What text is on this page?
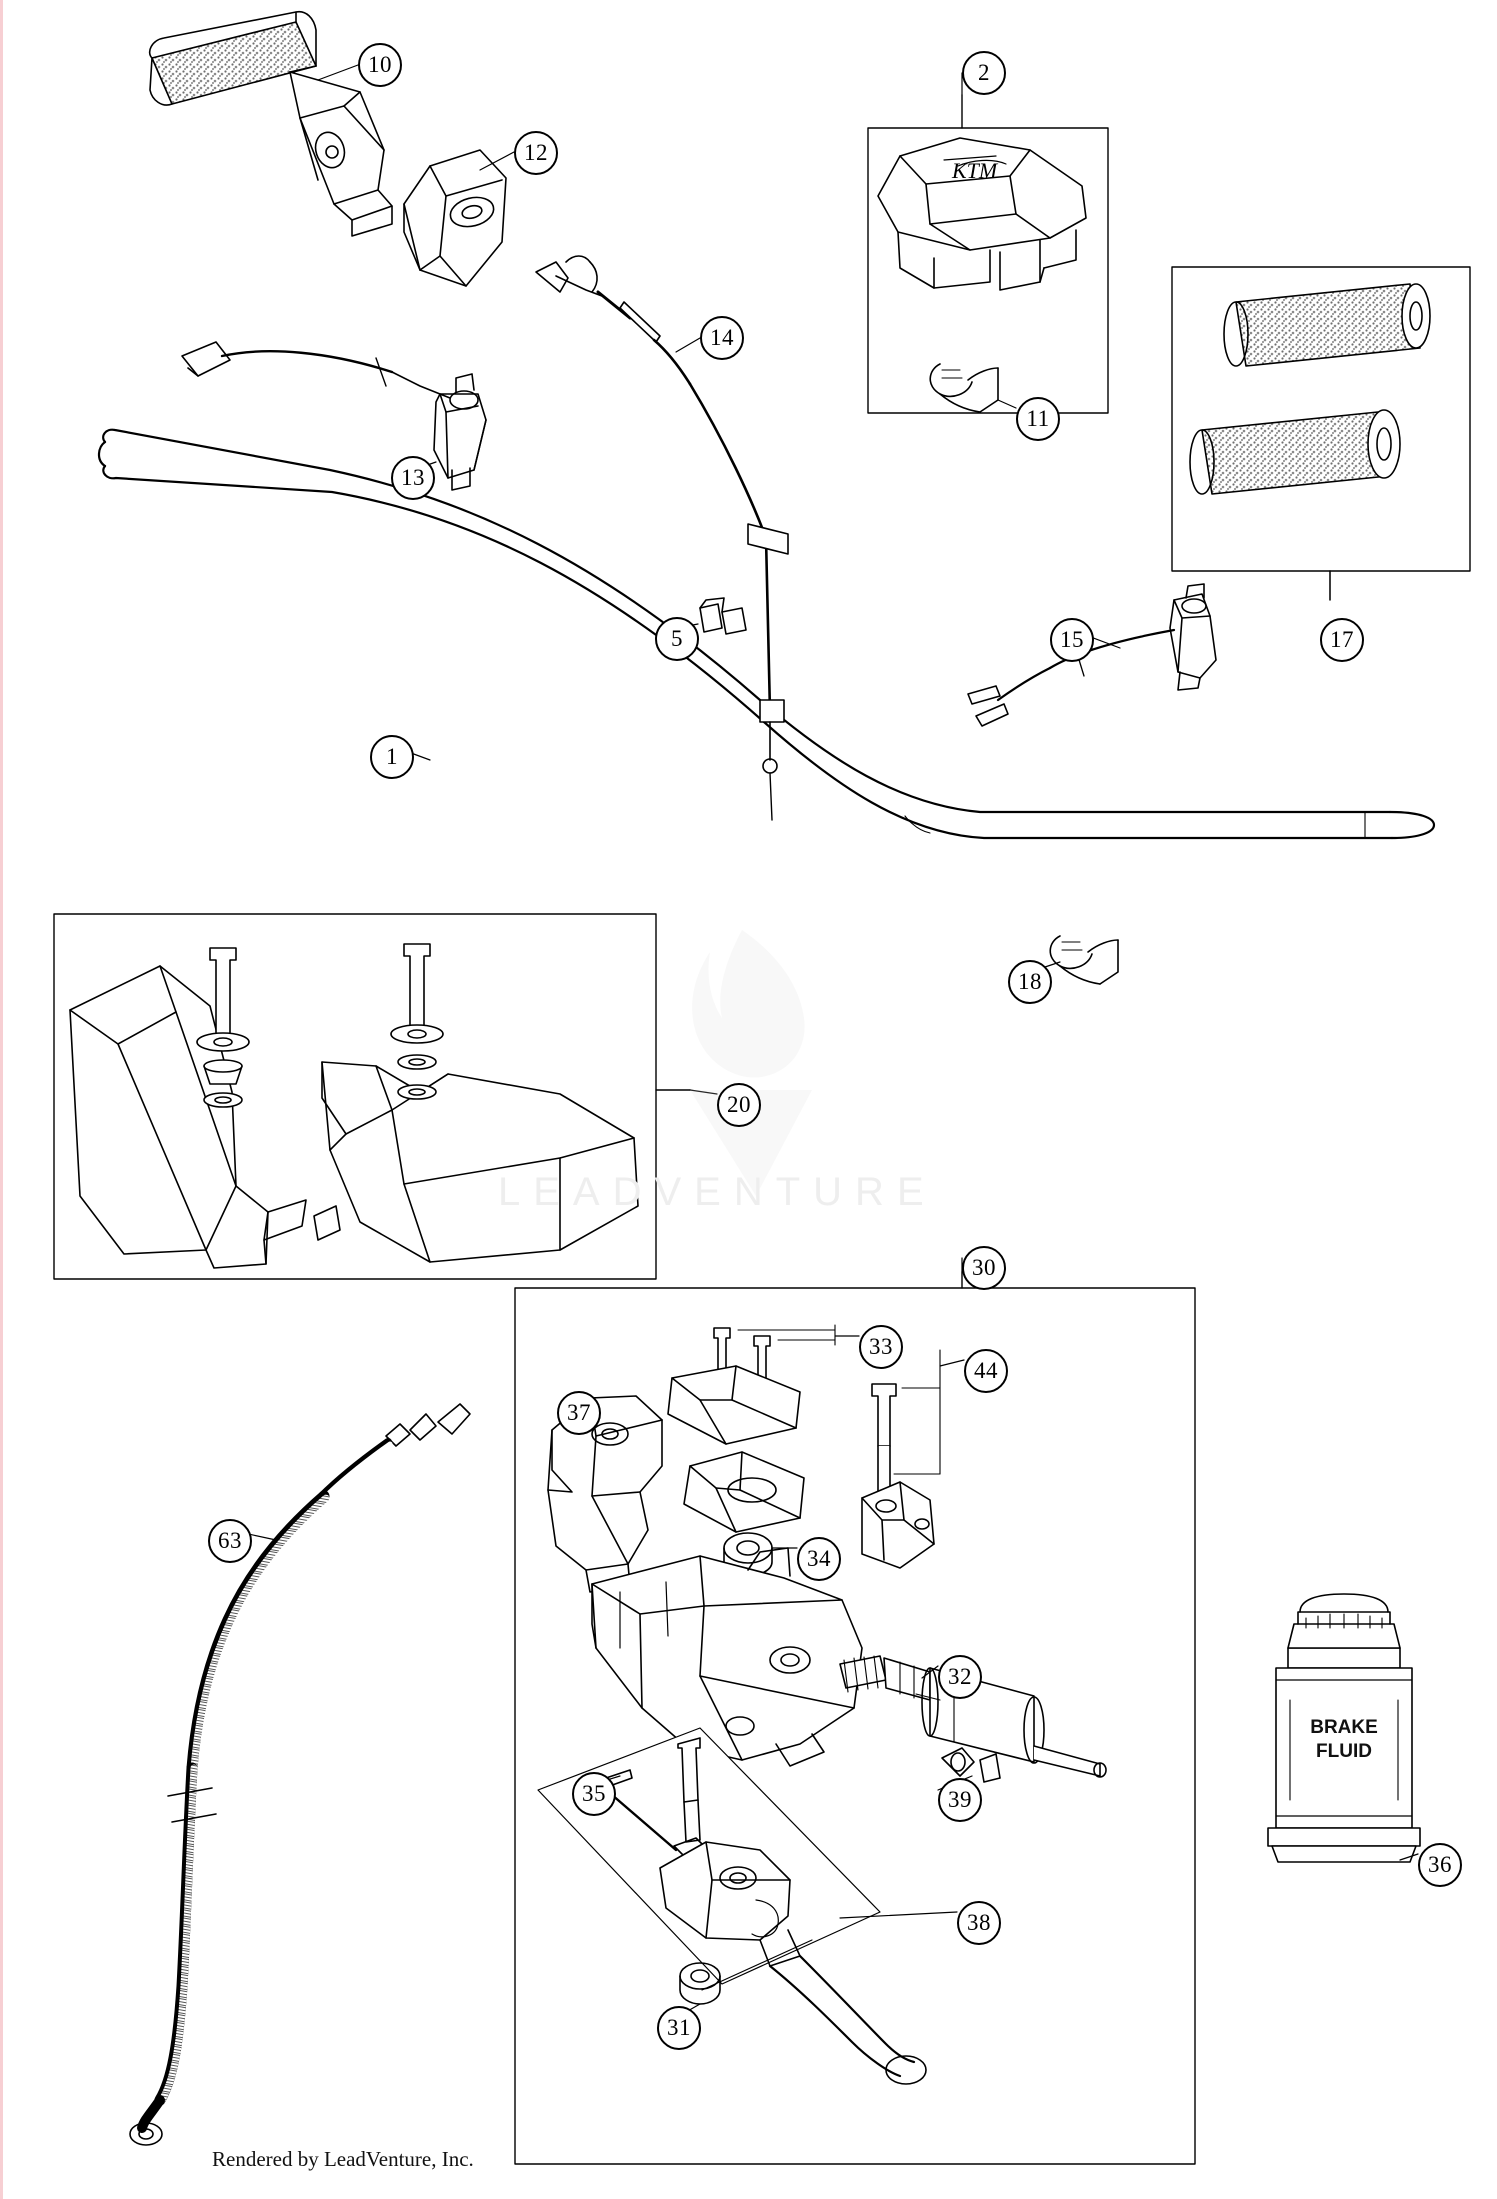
KTM
LEADVENTURE
BRAKE
FLUID
10
12
2
14
13
11
5	15	17
1
18
20
30
33
44
37
34
63
32
39
35
38
31
36
Rendered by LeadVenture, Inc.
